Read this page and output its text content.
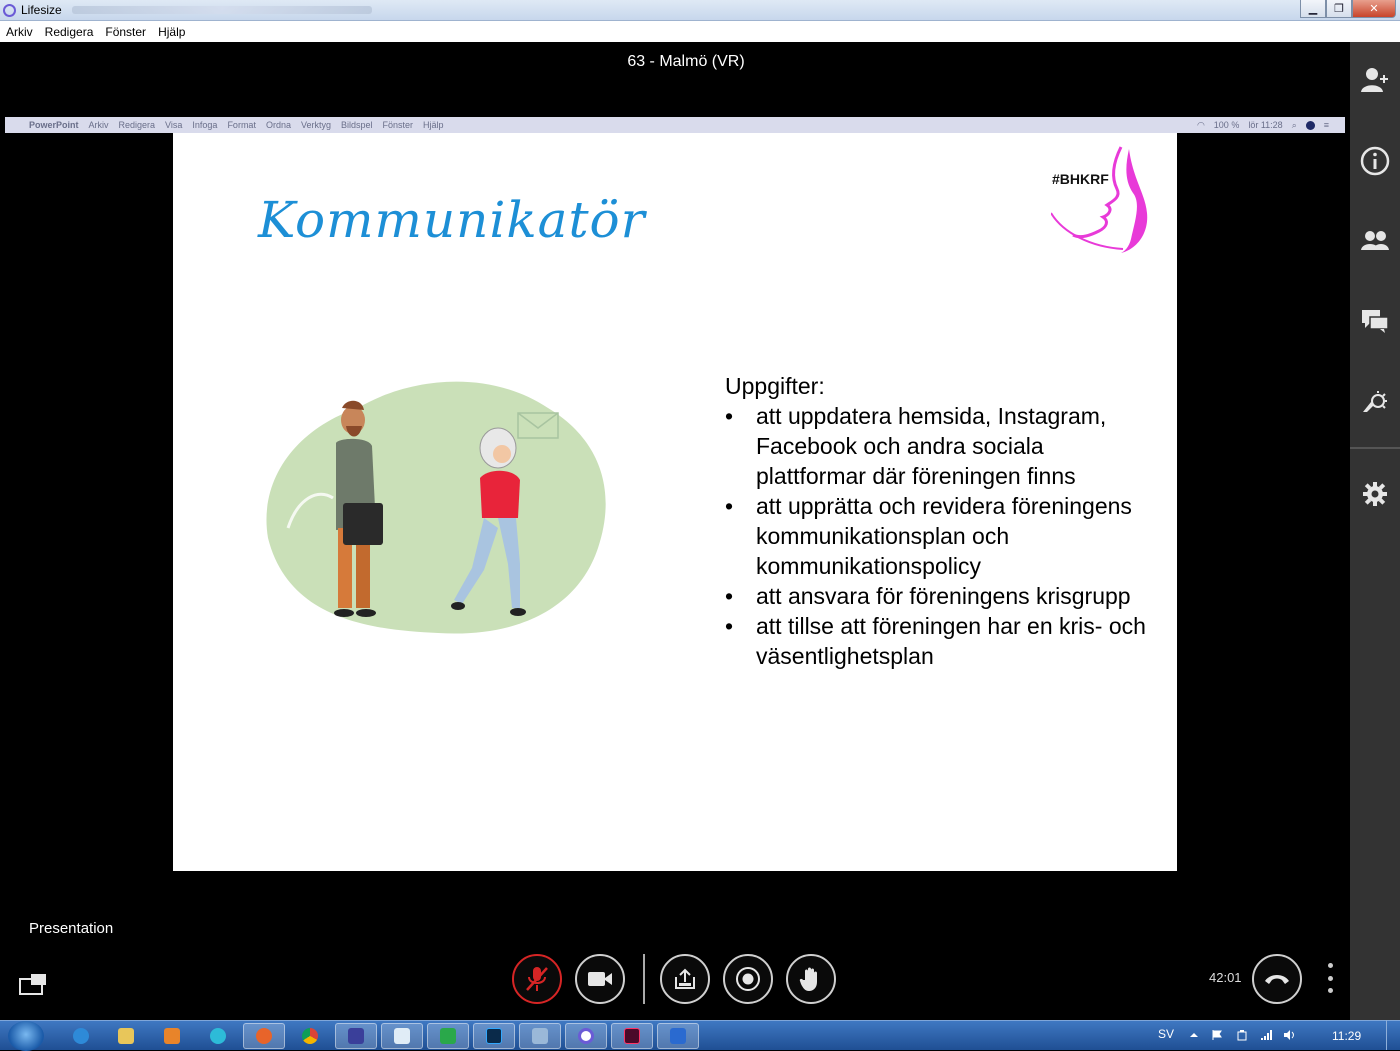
Lifesize	▁	❐	✕
Arkiv Redigera Fönster Hjälp
63 - Malmö (VR)
PowerPoint Arkiv Redigera Visa Infoga Format Ordna Verktyg Bildspel Fönster Hjälp	◠ 100 % lör 11:28 ⌕	≡
Kommunikatör
#BHKRF
Uppgifter:
• att uppdatera hemsida, Instagram, Facebook och andra sociala plattformar där föreningen finns
• att upprätta och revidera föreningens kommunikationsplan och kommunikationspolicy
• att ansvara för föreningens krisgrupp
• att tillse att föreningen har en kris- och väsentlighetsplan
Presentation
42:01
SV	11:29
